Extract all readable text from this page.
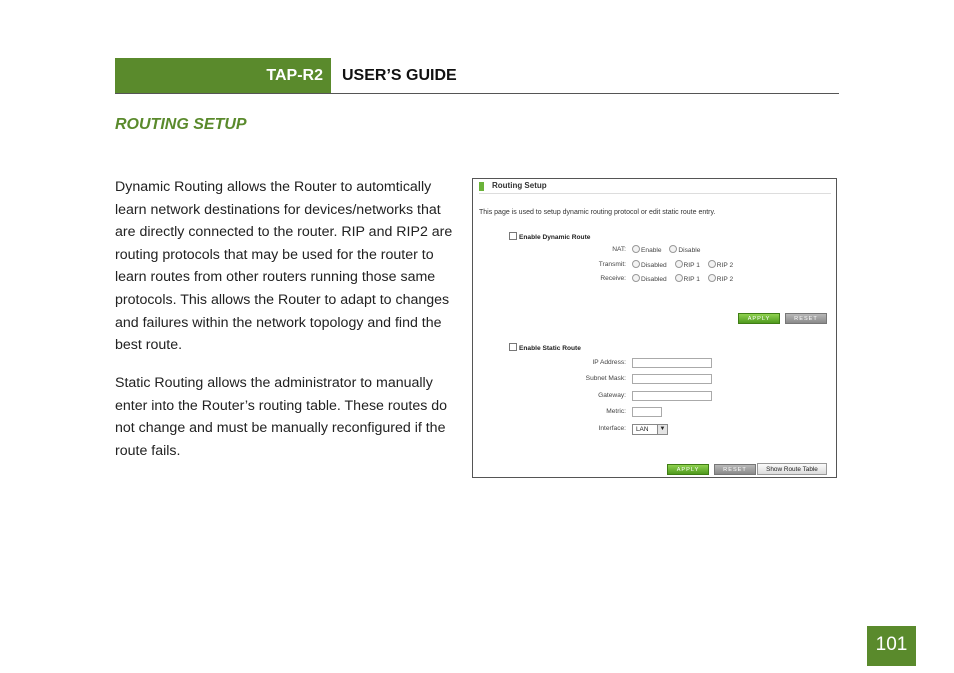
TAP-R2 USER’S GUIDE
ROUTING SETUP
Dynamic Routing allows the Router to automtically learn network destinations for devices/networks that are directly connected to the router. RIP and RIP2 are routing protocols that may be used for the router to learn routes from other routers running those same protocols. This allows the Router to adapt to changes and failures within the network topology and find the best route.
Static Routing allows the administrator to manually enter into the Router’s routing table. These routes do not change and must be manually reconfigured if the route fails.
Routing Setup
This page is used to setup dynamic routing protocol or edit static route entry.
Enable Dynamic Route
NAT:	Enable	Disable
Transmit:	Disabled	RIP 1	RIP 2
Receive:	Disabled	RIP 1	RIP 2
APPLY	RESET
Enable Static Route
IP Address:
Subnet Mask:
Gateway:
Metric:
Interface:	LAN	▼
APPLY	RESET	Show Route Table
101
